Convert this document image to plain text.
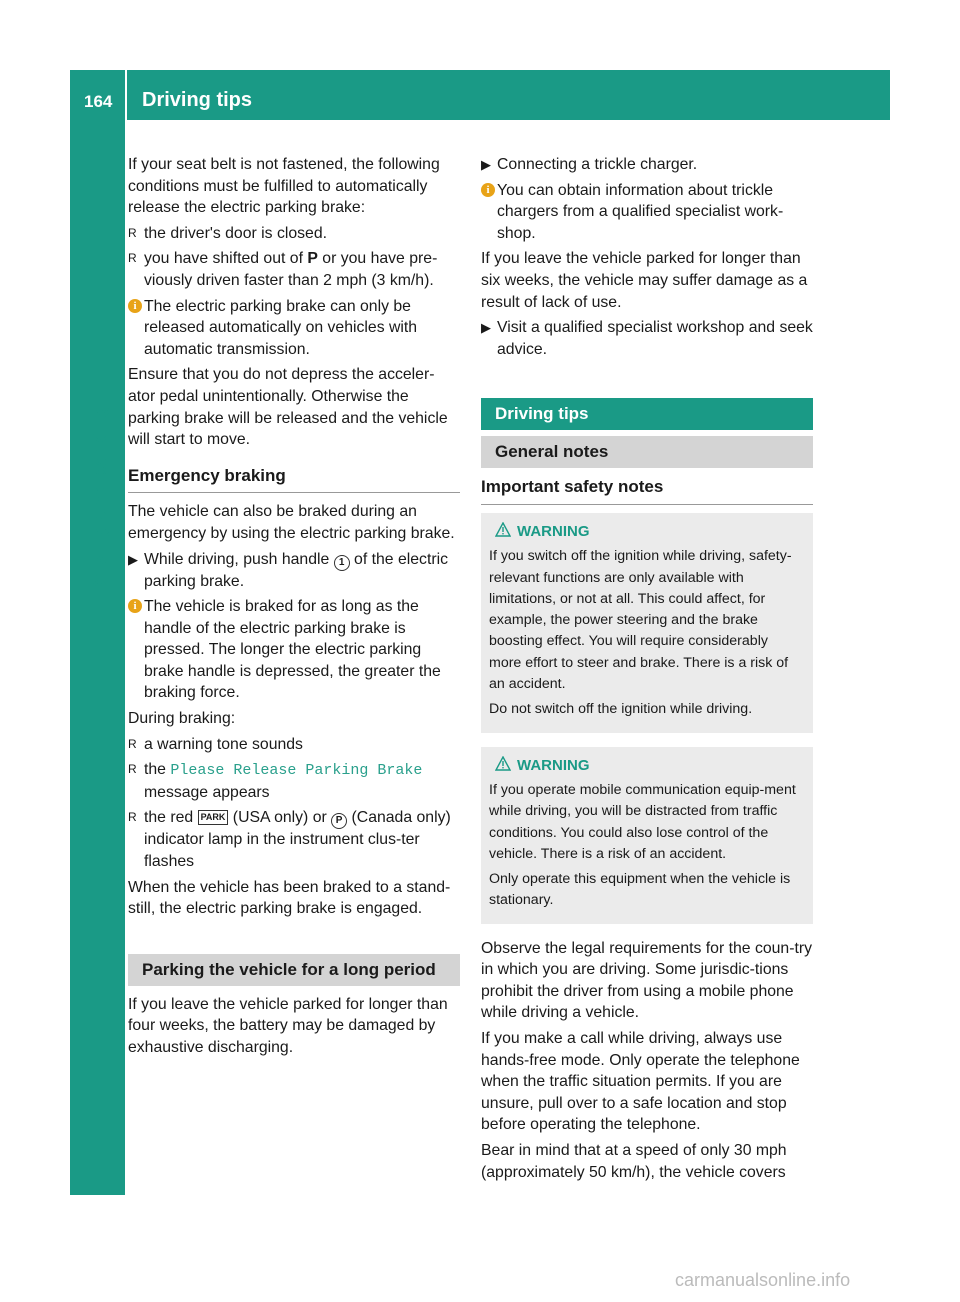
164 Driving tips
Driving and parking

If your seat belt is not fastened, the following conditions must be fulfilled to automatically release the electric parking brake:

R the driver's door is closed.
R you have shifted out of P or you have pre-viously driven faster than 2 mph (3 km/h).
i The electric parking brake can only be released automatically on vehicles with automatic transmission.

Ensure that you do not depress the acceler-ator pedal unintentionally. Otherwise the parking brake will be released and the vehicle will start to move.

Emergency braking

The vehicle can also be braked during an emergency by using the electric parking brake.

▶ While driving, push handle 1 of the electric parking brake.
i The vehicle is braked for as long as the handle of the electric parking brake is pressed. The longer the electric parking brake handle is depressed, the greater the braking force.

During braking:

R a warning tone sounds
R the Please Release Parking Brake
message appears
R the red PARK (USA only) or P (Canada only) indicator lamp in the instrument clus-ter flashes

When the vehicle has been braked to a stand-still, the electric parking brake is engaged.

Parking the vehicle for a long period

If you leave the vehicle parked for longer than four weeks, the battery may be damaged by exhaustive discharging.

▶ Connecting a trickle charger.
i You can obtain information about trickle chargers from a qualified specialist work-shop.

If you leave the vehicle parked for longer than six weeks, the vehicle may suffer damage as a result of lack of use.

▶ Visit a qualified specialist workshop and seek advice.
Driving tips
General notes
Important safety notes
WARNING

If you switch off the ignition while driving, safety-relevant functions are only available with limitations, or not at all. This could affect, for example, the power steering and the brake boosting effect. You will require considerably more effort to steer and brake. There is a risk of an accident.

Do not switch off the ignition while driving.

WARNING

If you operate mobile communication equip-ment while driving, you will be distracted from traffic conditions. You could also lose control of the vehicle. There is a risk of an accident.

Only operate this equipment when the vehicle is stationary.

Observe the legal requirements for the coun-try in which you are driving. Some jurisdic-tions prohibit the driver from using a mobile phone while driving a vehicle.

If you make a call while driving, always use hands-free mode. Only operate the telephone when the traffic situation permits. If you are unsure, pull over to a safe location and stop before operating the telephone.

Bear in mind that at a speed of only 30 mph (approximately 50 km/h), the vehicle covers

carmanualsonline.info
